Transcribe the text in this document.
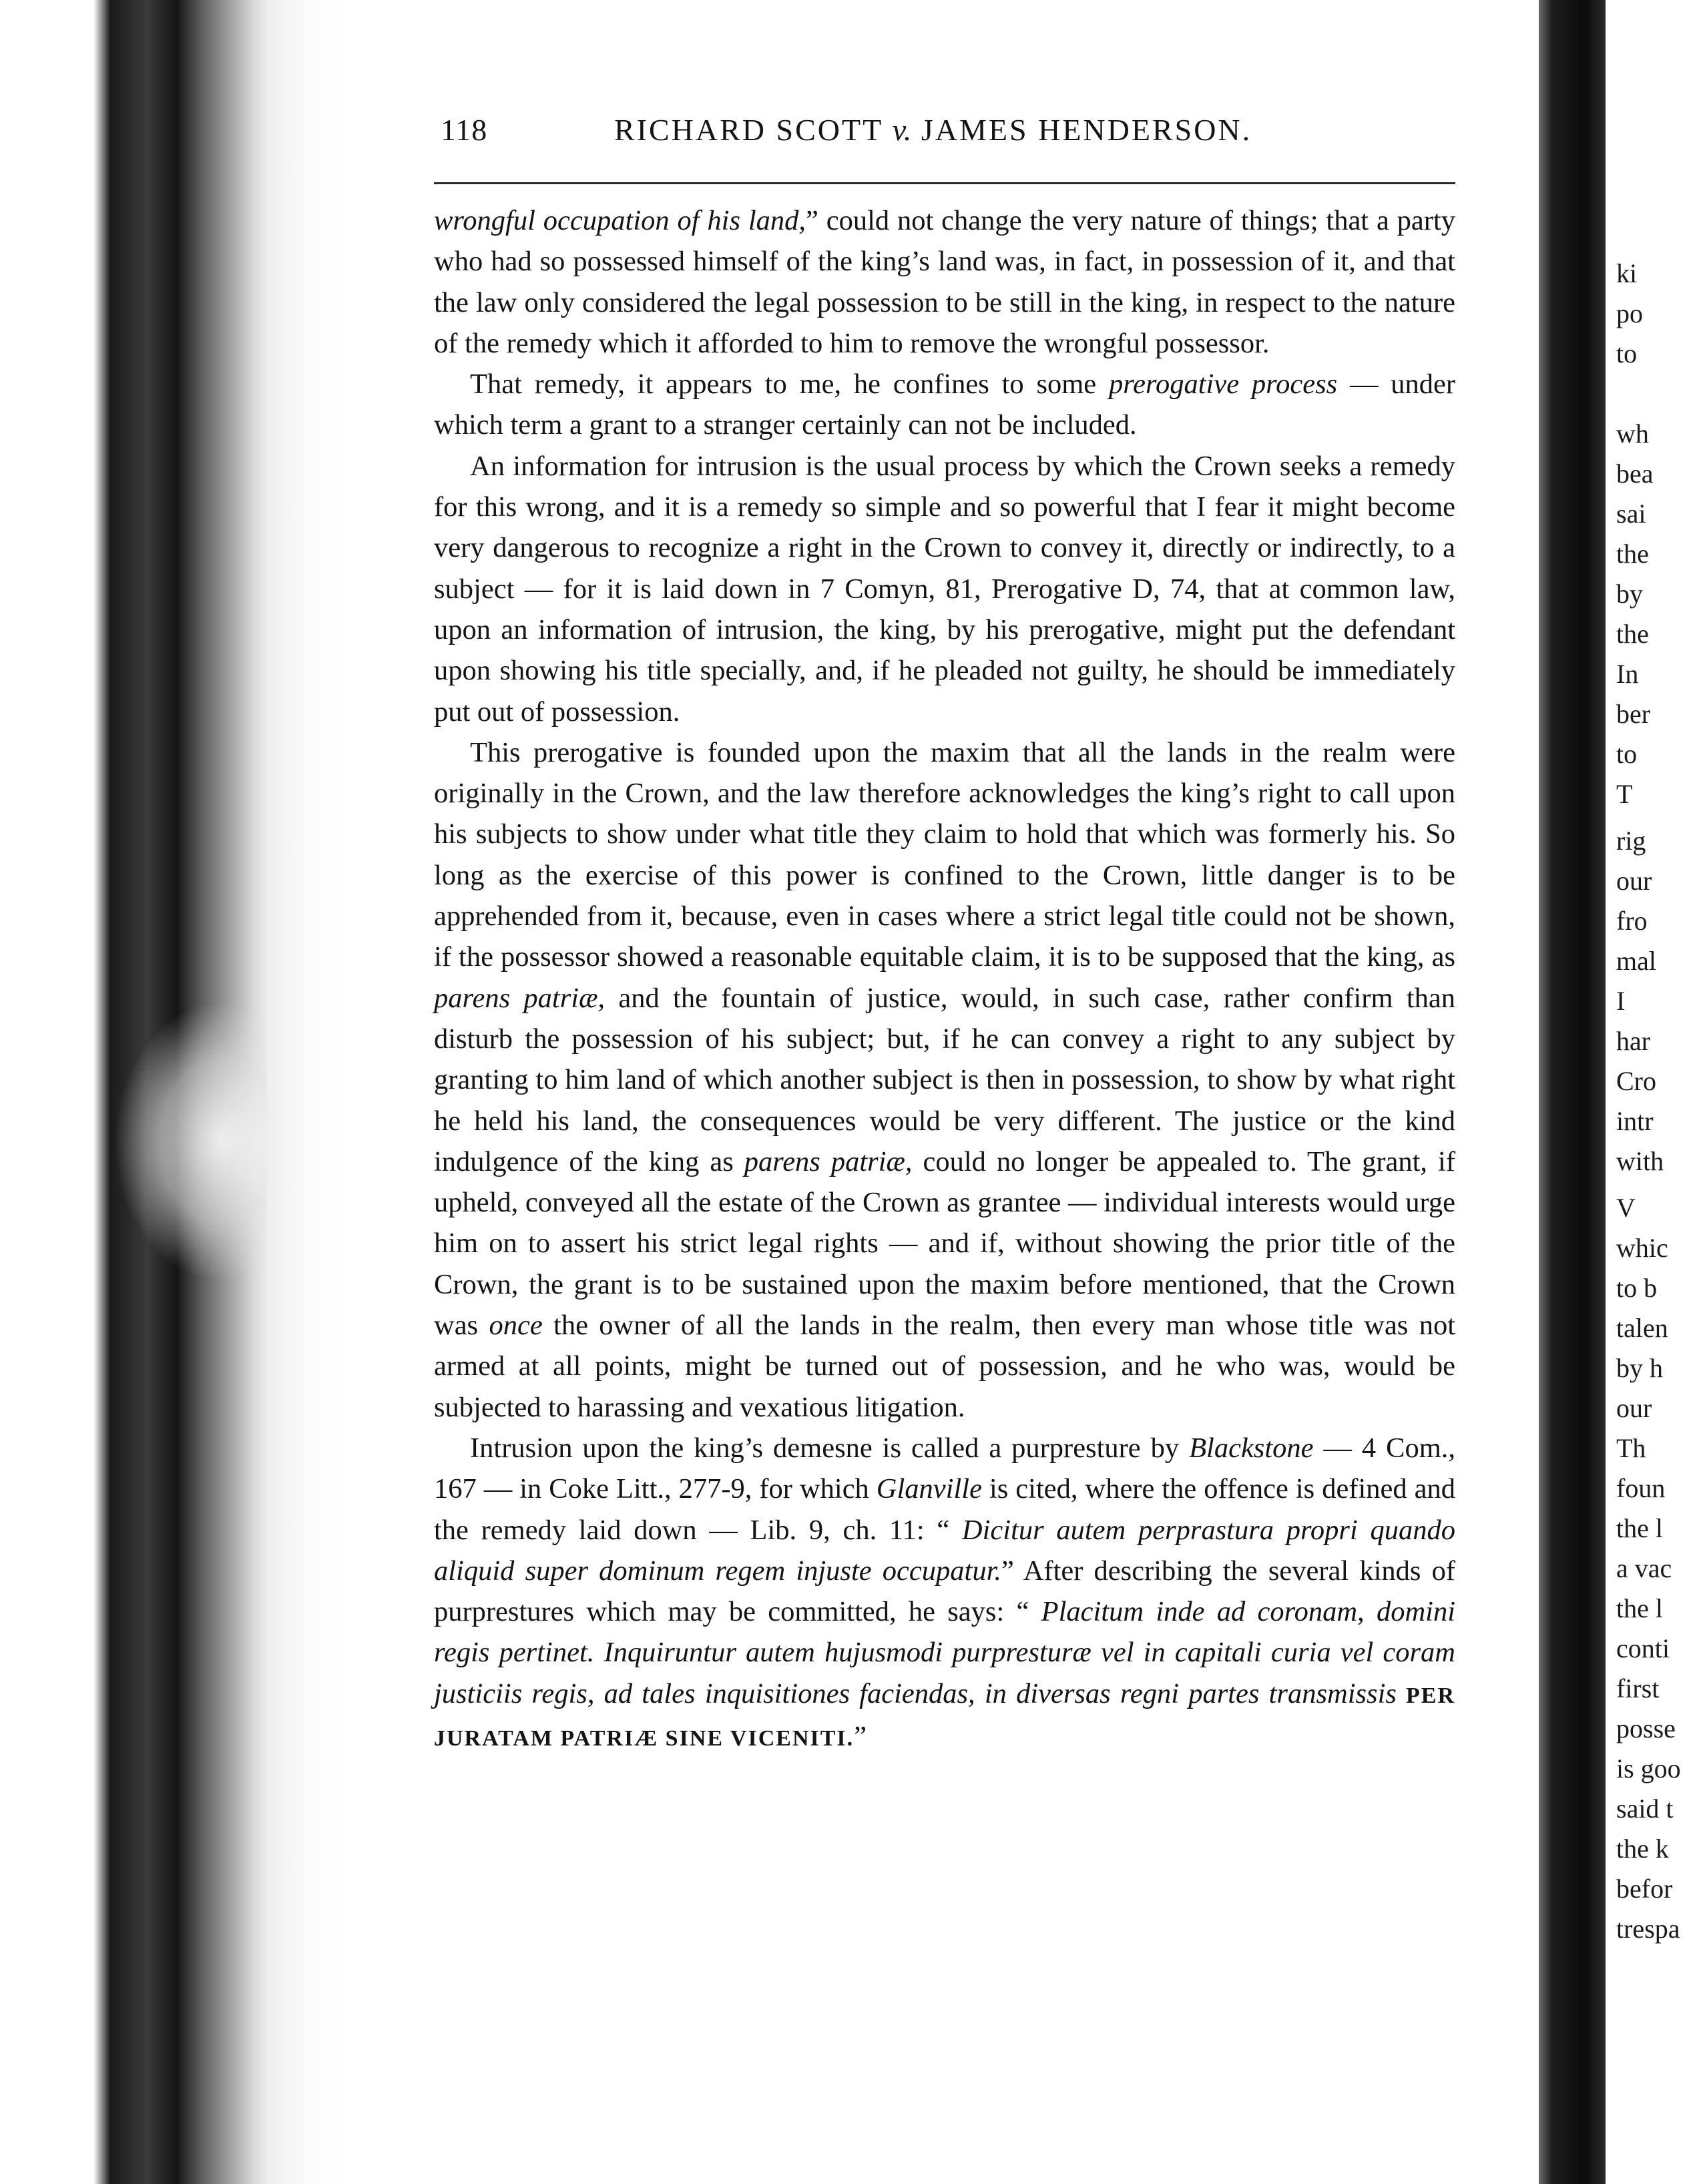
118	RICHARD SCOTT v. JAMES HENDERSON.

wrongful occupation of his land,” could not change the very nature of things; that a party who had so possessed himself of the king’s land was, in fact, in possession of it, and that the law only considered the legal possession to be still in the king, in respect to the nature of the remedy which it afforded to him to remove the wrongful possessor.

That remedy, it appears to me, he confines to some prerogative process — under which term a grant to a stranger certainly can not be included.

An information for intrusion is the usual process by which the Crown seeks a remedy for this wrong, and it is a remedy so simple and so powerful that I fear it might become very dangerous to recognize a right in the Crown to convey it, directly or indirectly, to a subject — for it is laid down in 7 Comyn, 81, Prerogative D, 74, that at common law, upon an information of intrusion, the king, by his prerogative, might put the defendant upon showing his title specially, and, if he pleaded not guilty, he should be immediately put out of possession.

This prerogative is founded upon the maxim that all the lands in the realm were originally in the Crown, and the law therefore acknowledges the king’s right to call upon his subjects to show under what title they claim to hold that which was formerly his. So long as the exercise of this power is confined to the Crown, little danger is to be apprehended from it, because, even in cases where a strict legal title could not be shown, if the possessor showed a reasonable equitable claim, it is to be supposed that the king, as parens patriæ, and the fountain of justice, would, in such case, rather confirm than disturb the possession of his subject; but, if he can convey a right to any subject by granting to him land of which another subject is then in possession, to show by what right he held his land, the consequences would be very different. The justice or the kind indulgence of the king as parens patriæ, could no longer be appealed to. The grant, if upheld, conveyed all the estate of the Crown as grantee — individual interests would urge him on to assert his strict legal rights — and if, without showing the prior title of the Crown, the grant is to be sustained upon the maxim before mentioned, that the Crown was once the owner of all the lands in the realm, then every man whose title was not armed at all points, might be turned out of possession, and he who was, would be subjected to harassing and vexatious litigation.

Intrusion upon the king’s demesne is called a purpresture by Blackstone — 4 Com., 167 — in Coke Litt., 277-9, for which Glanville is cited, where the offence is defined and the remedy laid down — Lib. 9, ch. 11: “ Dicitur autem perprastura propri quando aliquid super dominum regem injuste occupatur.” After describing the several kinds of purprestures which may be committed, he says: “ Placitum inde ad coronam, domini regis pertinet. Inquiruntur autem hujusmodi purpresturæ vel in capitali curia vel coram justiciis regis, ad tales inquisitiones faciendas, in diversas regni partes transmissis PER JURATAM PATRIÆ SINE VICENITI.”

ki
po
to
wh
bea
sai
the
by
the
In
ber
to
T
rig
our
fro
mal
I
har
Cro
intr
with
V
whic
to b
talen
by h
our
Th
foun
the l
a vac
the l
conti
first
posse
is goo
said t
the k
befor
trespa
